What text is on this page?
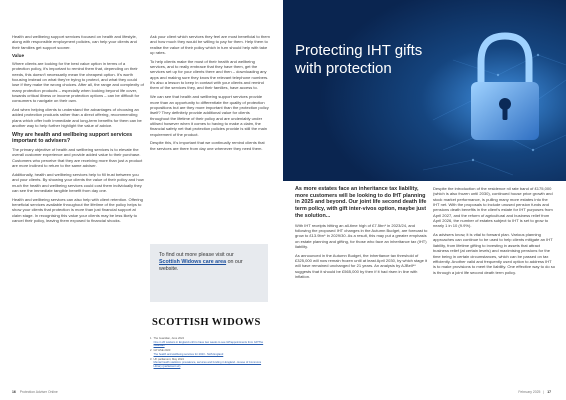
Health and wellbeing support services focused on health and lifestyle, along with responsible employment policies, can help your clients and their families get support sooner.

Value

Where clients are looking for the best value option in terms of a protection policy, it's important to remind them that, depending on their needs, this doesn't necessarily mean the cheapest option. It's worth focusing instead on what they're trying to protect, and what they could lose if they make the wrong choices. After all, the range and complexity of many protection products – especially when looking beyond life cover, towards critical illness or income protection options – can be difficult for consumers to navigate on their own.

And when helping clients to understand the advantages of choosing an added protection products rather than a direct offering, recommending plans which offer both immediate and long-term benefits for them can be another way to help further highlight the value of advice.

Why are health and wellbeing support services important to advisers?

The primary objective of health and wellbeing services is to elevate the overall customer experience and provide added value to their purchase. Customers who perceive that they are receiving more than just a product are more inclined to return to the same adviser.

Additionally, health and wellbeing services help to fill trust between you and your clients. By showing your clients the value of their policy and how much the health and wellbeing services could cost them individually they can see the immediate tangible benefit from day one.

Health and wellbeing services can also help with client retention. Offering beneficial services available throughout the lifetime of the policy helps to show your clients that protection is more than just financial support at claim stage. In recognising this value your clients may be less likely to cancel their policy, leaving them exposed to financial shocks.

Ask your client which services they feel are most beneficial to them and how much they would be willing to pay for them. Help them to realise the value of their policy which in turn should help with take up rates.

To help clients make the most of their health and wellbeing services, and to really embrace that they have them, get the services set up for your clients there and then – downloading any apps and making sure they know the relevant telephone numbers. It's also a lesson to keep in contact with your clients and remind them of the services they, and their families, have access to.

We can see that health and wellbeing support services provide more than an opportunity to differentiate the quality of protection propositions but are they more important than the protection policy itself? They definitely provide additional value for clients throughout the lifetime of their policy and are undeniably under utilised however when it comes to having to make a claim, the financial safety net that protection policies provide is still the main requirement of the product.

Despite this, it's important that we continually remind clients that the services are there from day one whenever they need them.

To find out more please visit our
Scottish Widows care area on our website.
SCOTTISH WIDOWS
1 The Guardian, June 2024
One in 20 workers in England unfit to have two weeks to see GP/appointments from GP/The Guardian
2 GP HSE 2023
The health and wellbeing services for 2023 - NHS England
3 UK parliament, May 2024
Mental health statistics: prevalence, services and funding in England - House of Commons Library (parliament.uk)
16 Protection Adviser Online
Protecting IHT gifts with protection
As more estates face an inheritance tax liability, more customers will be looking to do IHT planning in 2025 and beyond. Our joint life second death life term policy, with gift inter-vivos option, maybe just the solution...

With IHT receipts hitting an all-time high of £7.5bn* in 2023/24, and following the proposed IHT changes in the Autumn Budget, are forecast to grow to £13.9bn* in 2029/30. As a result, this may put a greater emphasis on estate planning and gifting, for those who face an inheritance tax (IHT) liability.

As announced in the Autumn Budget, the inheritance tax threshold of £325,000 will now remain frozen until at least April 2030, by which stage it will have remained unchanged for 21 years. An analysis by AJBell** suggests that it should be £565,000 by then if it had risen in line with inflation.

Despite the introduction of the residence nil rate band of £175,000 (which is also frozen until 2030), continued house price growth and stock market performance, is pulling many more estates into the IHT net. With the proposals to include unused pension funds and pensions death benefits in the client's estate for IHT purposes from April 2027, and the reform of agricultural and business relief from April 2026, the number of estates subject to IHT is set to grow to nearly 1 in 10 (9.9%).

As advisers know, it is vital to forward plan. Various planning approaches can continue to be used to help clients mitigate an IHT liability, from lifetime gifting to investing in assets that attract business relief (at certain levels) and maximising pensions for the time being in certain circumstances, which can be passed on tax efficiently. Another valid and frequently used option to address IHT is to make provisions to meet the liability. One effective way to do so is through a joint life second death term policy.

February 2025 | 17
